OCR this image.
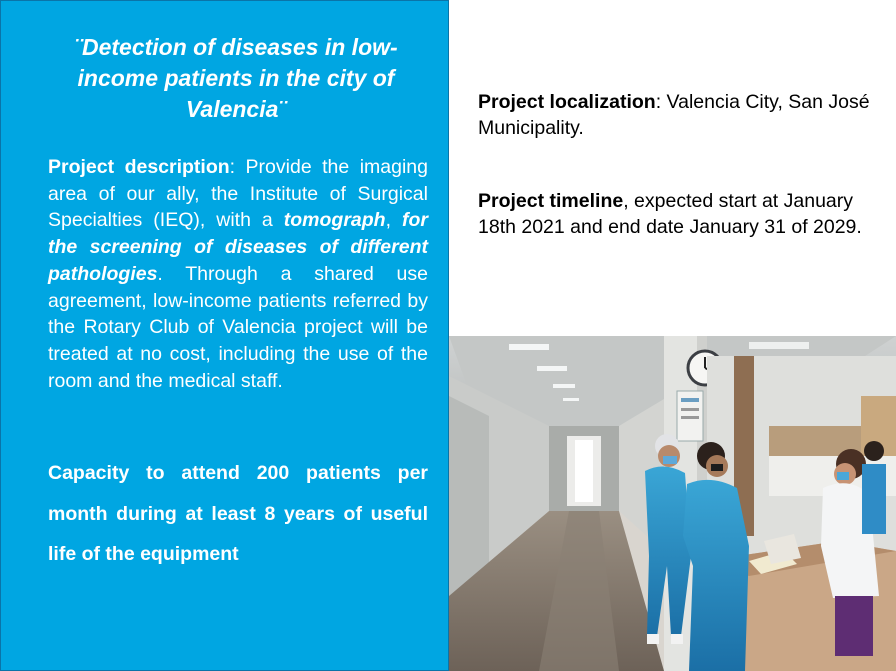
¨Detection of diseases in low-income patients in the city of Valencia¨

Project description: Provide the imaging area of our ally, the Institute of Surgical Specialties (IEQ), with a tomograph, for the screening of diseases of different pathologies. Through a shared use agreement, low-income patients referred by the Rotary Club of Valencia project will be treated at no cost, including the use of the room and the medical staff.

Capacity to attend 200 patients per month during at least 8 years of useful life of the equipment

Project localization: Valencia City, San José Municipality.

Project timeline, expected start at January 18th 2021 and end date January 31 of 2029.
